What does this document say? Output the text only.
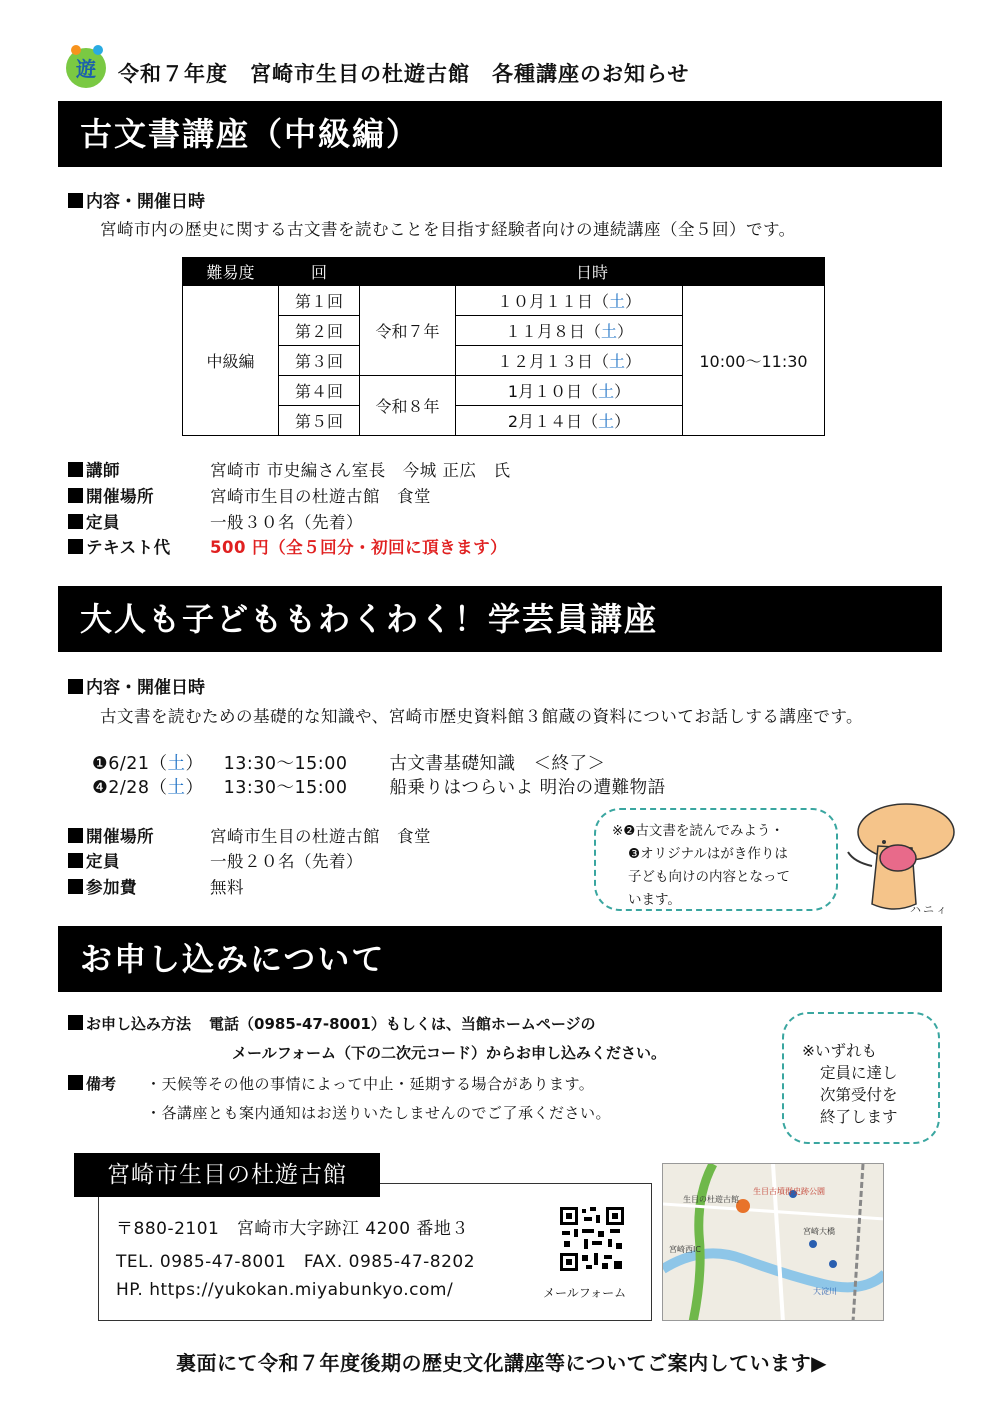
遊 令和７年度　宮崎市生目の杜遊古館　各種講座のお知らせ
古文書講座（中級編）
内容・開催日時
宮崎市内の歴史に関する古文書を読むことを目指す経験者向けの連続講座（全５回）です。
難易度	回	日時		
中級編	第１回	令和７年	１０月１１日（土）	10:00～11:30
	第２回		１１月８日（土）	
	第３回		１２月１３日（土）	
	第４回	令和８年	1月１０日（土）	
	第５回		2月１４日（土）	
講師	宮崎市 市史編さん室長　今城 正広　氏
開催場所	宮崎市生目の杜遊古館　食堂
定員	一般３０名（先着）
テキスト代 500 円（全５回分・初回に頂きます）
大人も子どももわくわく！学芸員講座
内容・開催日時
古文書を読むための基礎的な知識や、宮崎市歴史資料館３館蔵の資料についてお話しする講座です。
❶6/21（土） 13:30～15:00 古文書基礎知識　＜終了＞
❹2/28（土） 13:30～15:00 船乗りはつらいよ 明治の遭難物語
開催場所	宮崎市生目の杜遊古館　食堂
定員	一般２０名（先着）
参加費	無料
※❷古文書を読んでみよう・
❸オリジナルはがき作りは
子ども向けの内容となって
います。
ハニィ
お申し込みについて
お申し込み方法 電話（0985-47-8001）もしくは、当館ホームページの
メールフォーム（下の二次元コード）からお申し込みください。
備考 ・天候等その他の事情によって中止・延期する場合があります。
・各講座とも案内通知はお送りいたしませんのでご了承ください。
※いずれも
定員に達し
次第受付を
終了します
宮崎市生目の杜遊古館
〒880-2101　宮崎市大字跡江 4200 番地３
TEL. 0985-47-8001　FAX. 0985-47-8202
HP. https://yukokan.miyabunkyo.com/	メールフォーム
生目の杜遊古館
生目古墳群史跡公園
宮崎大橋
大淀川
宮崎西IC
裏面にて令和７年度後期の歴史文化講座等についてご案内しています▶
